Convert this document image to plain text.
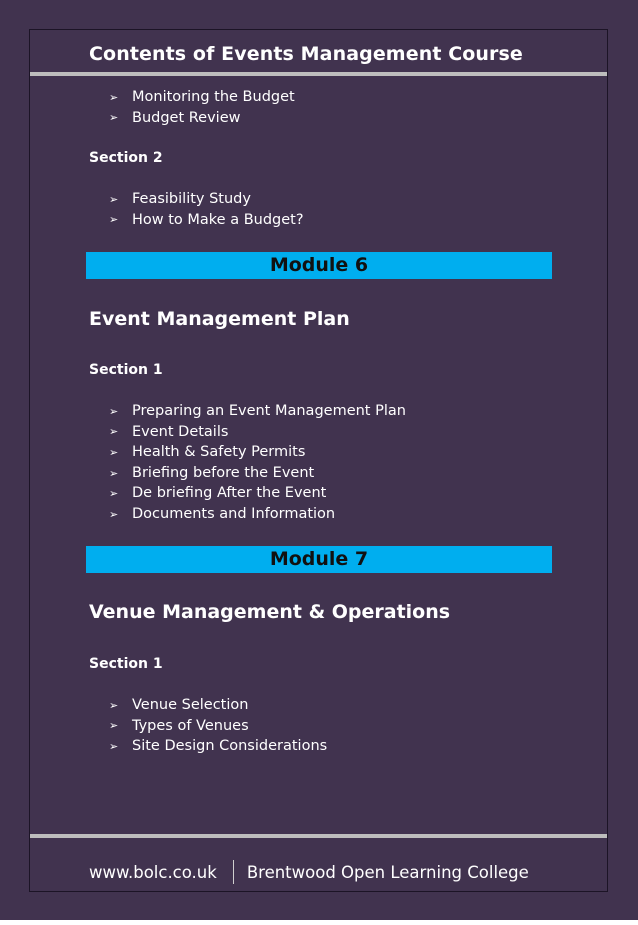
Contents of Events Management Course
➢ Monitoring the Budget
➢ Budget Review
Section 2
➢ Feasibility Study
➢ How to Make a Budget?
Module 6
Event Management Plan
Section 1
➢ Preparing an Event Management Plan
➢ Event Details
➢ Health & Safety Permits
➢ Briefing before the Event
➢ De briefing After the Event
➢ Documents and Information
Module 7
Venue Management & Operations
Section 1
➢ Venue Selection
➢ Types of Venues
➢ Site Design Considerations
www.bolc.co.uk Brentwood Open Learning College
